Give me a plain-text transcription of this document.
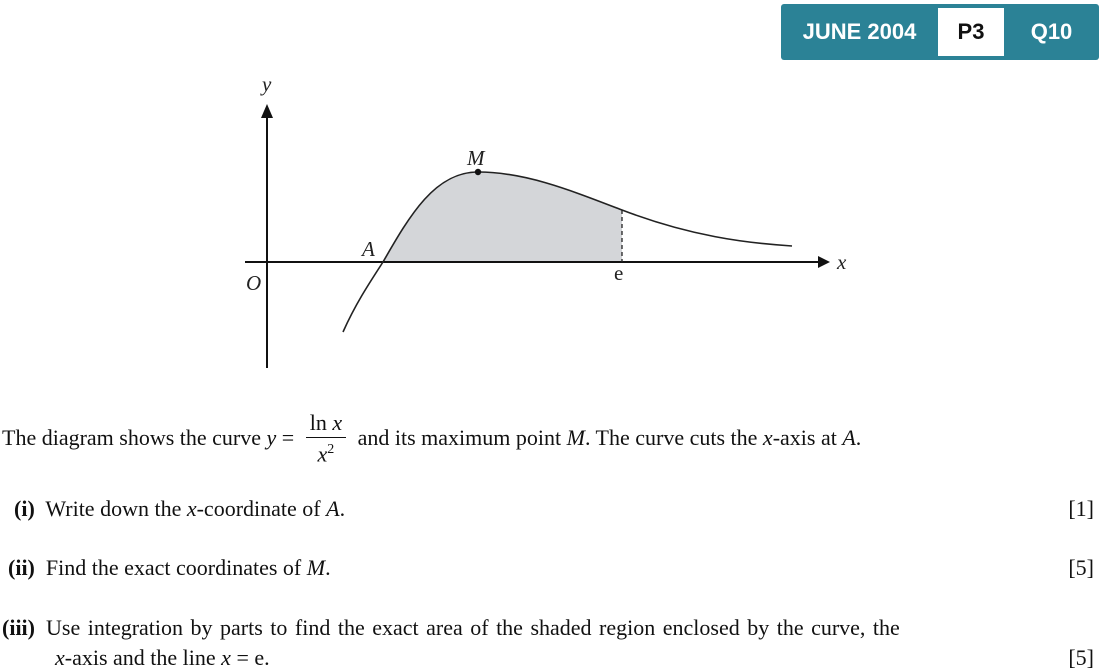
JUNE 2004	P3	Q10
y
x
O
A
M
e
The diagram shows the curve $y = \frac{\text{ln x}}{x^2}$ and its maximum point M. The curve cuts the x-axis at A.
(i) Write down the x-coordinate of A.	[1]
(ii) Find the exact coordinates of M.	[5]
(iii) Use integration by parts to find the exact area of the shaded region enclosed by the curve, the
x-axis and the line x = e.	[5]
